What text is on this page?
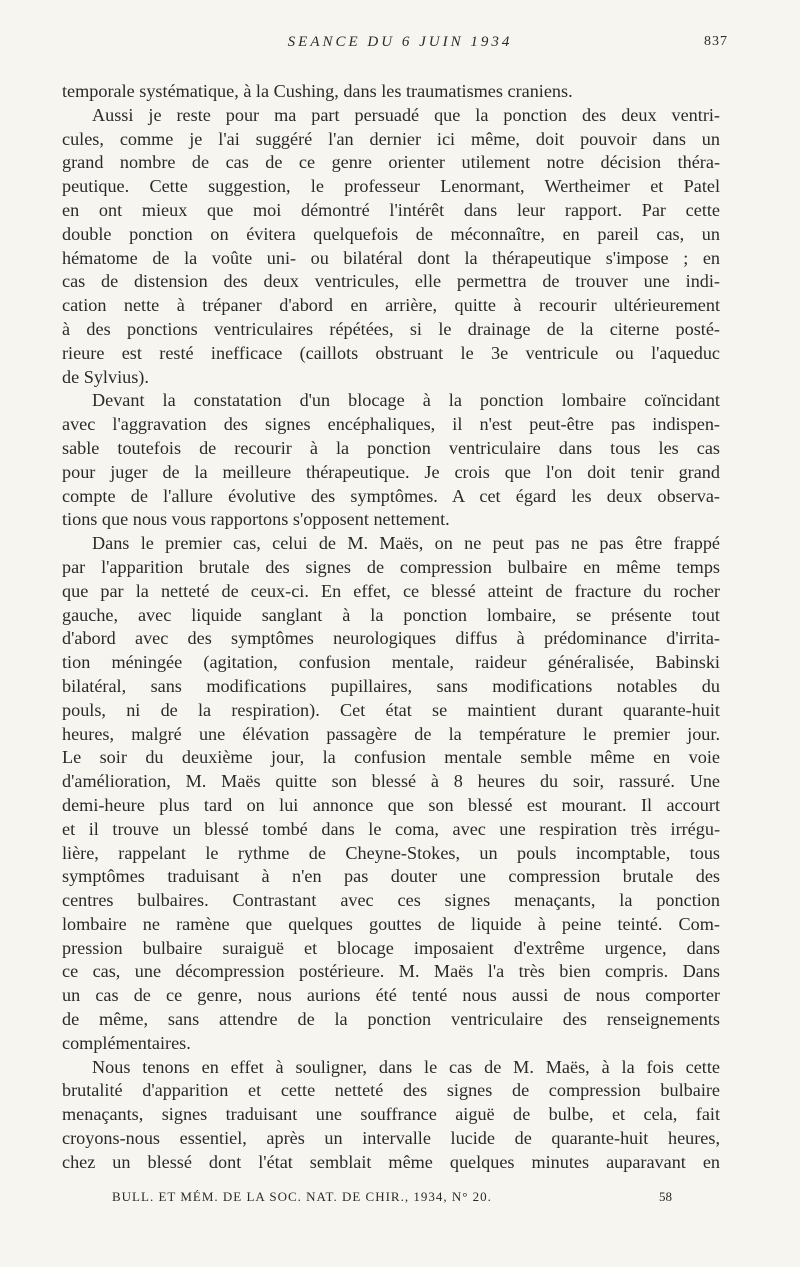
SEANCE DU 6 JUIN 1934	837
temporale systématique, à la Cushing, dans les traumatismes craniens.
Aussi je reste pour ma part persuadé que la ponction des deux ventri-
cules, comme je l'ai suggéré l'an dernier ici même, doit pouvoir dans un
grand nombre de cas de ce genre orienter utilement notre décision théra-
peutique. Cette suggestion, le professeur Lenormant, Wertheimer et Patel
en ont mieux que moi démontré l'intérêt dans leur rapport. Par cette
double ponction on évitera quelquefois de méconnaître, en pareil cas, un
hématome de la voûte uni- ou bilatéral dont la thérapeutique s'impose ; en
cas de distension des deux ventricules, elle permettra de trouver une indi-
cation nette à trépaner d'abord en arrière, quitte à recourir ultérieurement
à des ponctions ventriculaires répétées, si le drainage de la citerne posté-
rieure est resté inefficace (caillots obstruant le 3e ventricule ou l'aqueduc
de Sylvius).
Devant la constatation d'un blocage à la ponction lombaire coïncidant
avec l'aggravation des signes encéphaliques, il n'est peut-être pas indispen-
sable toutefois de recourir à la ponction ventriculaire dans tous les cas
pour juger de la meilleure thérapeutique. Je crois que l'on doit tenir grand
compte de l'allure évolutive des symptômes. A cet égard les deux observa-
tions que nous vous rapportons s'opposent nettement.
Dans le premier cas, celui de M. Maës, on ne peut pas ne pas être frappé
par l'apparition brutale des signes de compression bulbaire en même temps
que par la netteté de ceux-ci. En effet, ce blessé atteint de fracture du rocher
gauche, avec liquide sanglant à la ponction lombaire, se présente tout
d'abord avec des symptômes neurologiques diffus à prédominance d'irrita-
tion méningée (agitation, confusion mentale, raideur généralisée, Babinski
bilatéral, sans modifications pupillaires, sans modifications notables du
pouls, ni de la respiration). Cet état se maintient durant quarante-huit
heures, malgré une élévation passagère de la température le premier jour.
Le soir du deuxième jour, la confusion mentale semble même en voie
d'amélioration, M. Maës quitte son blessé à 8 heures du soir, rassuré. Une
demi-heure plus tard on lui annonce que son blessé est mourant. Il accourt
et il trouve un blessé tombé dans le coma, avec une respiration très irrégu-
lière, rappelant le rythme de Cheyne-Stokes, un pouls incomptable, tous
symptômes traduisant à n'en pas douter une compression brutale des
centres bulbaires. Contrastant avec ces signes menaçants, la ponction
lombaire ne ramène que quelques gouttes de liquide à peine teinté. Com-
pression bulbaire suraiguë et blocage imposaient d'extrême urgence, dans
ce cas, une décompression postérieure. M. Maës l'a très bien compris. Dans
un cas de ce genre, nous aurions été tenté nous aussi de nous comporter
de même, sans attendre de la ponction ventriculaire des renseignements
complémentaires.
Nous tenons en effet à souligner, dans le cas de M. Maës, à la fois cette
brutalité d'apparition et cette netteté des signes de compression bulbaire
menaçants, signes traduisant une souffrance aiguë de bulbe, et cela, fait
croyons-nous essentiel, après un intervalle lucide de quarante-huit heures,
chez un blessé dont l'état semblait même quelques minutes auparavant en
BULL. ET MÉM. DE LA SOC. NAT. DE CHIR., 1934, N° 20.	58
